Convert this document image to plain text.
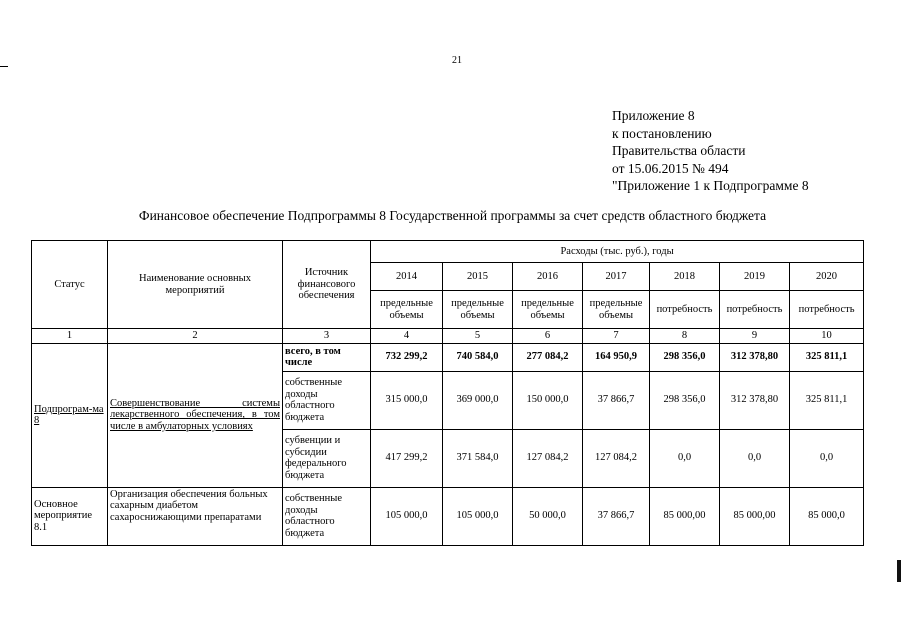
21
Приложение 8
к постановлению
Правительства области
от 15.06.2015 № 494
"Приложение 1 к Подпрограмме 8
Финансовое обеспечение Подпрограммы 8 Государственной программы за счет средств областного бюджета
Статус	Наименование основных мероприятий	Источник финансового обеспечения	Расходы (тыс. руб.), годы						
			2014	2015	2016	2017	2018	2019	2020
			предельные объемы	предельные объемы	предельные объемы	предельные объемы	потребность	потребность	потребность
1	2	3	4	5	6	7	8	9	10
Подпрограм-ма 8	Совершенствование системы лекарственного обеспечения, в том числе в амбулаторных условиях	всего, в том числе	732 299,2	740 584,0	277 084,2	164 950,9	298 356,0	312 378,80	325 811,1
		собственные доходы областного бюджета	315 000,0	369 000,0	150 000,0	37 866,7	298 356,0	312 378,80	325 811,1
		субвенции и субсидии федерального бюджета	417 299,2	371 584,0	127 084,2	127 084,2	0,0	0,0	0,0
Основное мероприятие 8.1	Организация обеспечения больных сахарным диабетом сахароснижающими препаратами	собственные доходы областного бюджета	105 000,0	105 000,0	50 000,0	37 866,7	85 000,00	85 000,00	85 000,0
